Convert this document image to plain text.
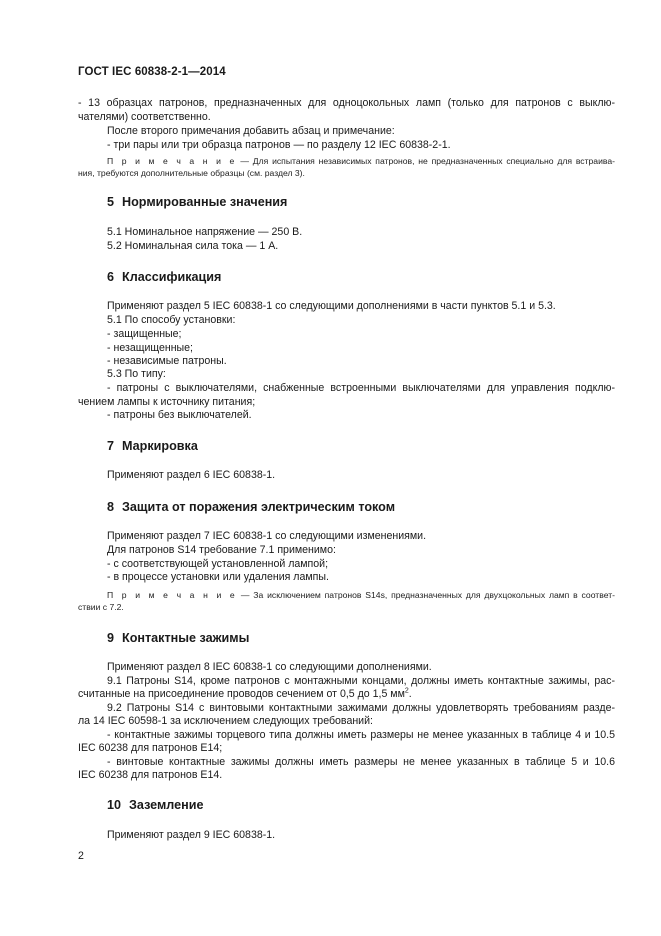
ГОСТ IEC 60838-2-1—2014
- 13 образцах патронов, предназначенных для одноцокольных ламп (только для патронов с выклю-
чателями) соответственно.
После второго примечания добавить абзац и примечание:
- три пары или три образца патронов — по разделу 12 IEC 60838-2-1.
П р и м е ч а н и е — Для испытания независимых патронов, не предназначенных специально для встраива-
ния, требуются дополнительные образцы (см. раздел 3).
5 Нормированные значения
5.1 Номинальное напряжение — 250 В.
5.2 Номинальная сила тока — 1 А.
6 Классификация
Применяют раздел 5 IEC 60838-1 со следующими дополнениями в части пунктов 5.1 и 5.3.
5.1 По способу установки:
- защищенные;
- незащищенные;
- независимые патроны.
5.3 По типу:
- патроны с выключателями, снабженные встроенными выключателями для управления подклю-
чением лампы к источнику питания;
- патроны без выключателей.
7 Маркировка
Применяют раздел 6 IEC 60838-1.
8 Защита от поражения электрическим током
Применяют раздел 7 IEC 60838-1 со следующими изменениями.
Для патронов S14 требование 7.1 применимо:
- с соответствующей установленной лампой;
- в процессе установки или удаления лампы.
П р и м е ч а н и е — За исключением патронов S14s, предназначенных для двухцокольных ламп в соответ-
ствии с 7.2.
9 Контактные зажимы
Применяют раздел 8 IEC 60838-1 со следующими дополнениями.
9.1 Патроны S14, кроме патронов с монтажными концами, должны иметь контактные зажимы, рас-
считанные на присоединение проводов сечением от 0,5 до 1,5 $мм^2$.
9.2 Патроны S14 с винтовыми контактными зажимами должны удовлетворять требованиям разде-
ла 14 IEC 60598-1 за исключением следующих требований:
- контактные зажимы торцевого типа должны иметь размеры не менее указанных в таблице 4 и 10.5
IEC 60238 для патронов E14;
- винтовые контактные зажимы должны иметь размеры не менее указанных в таблице 5 и 10.6
IEC 60238 для патронов E14.
10 Заземление
Применяют раздел 9 IEC 60838-1.
2
